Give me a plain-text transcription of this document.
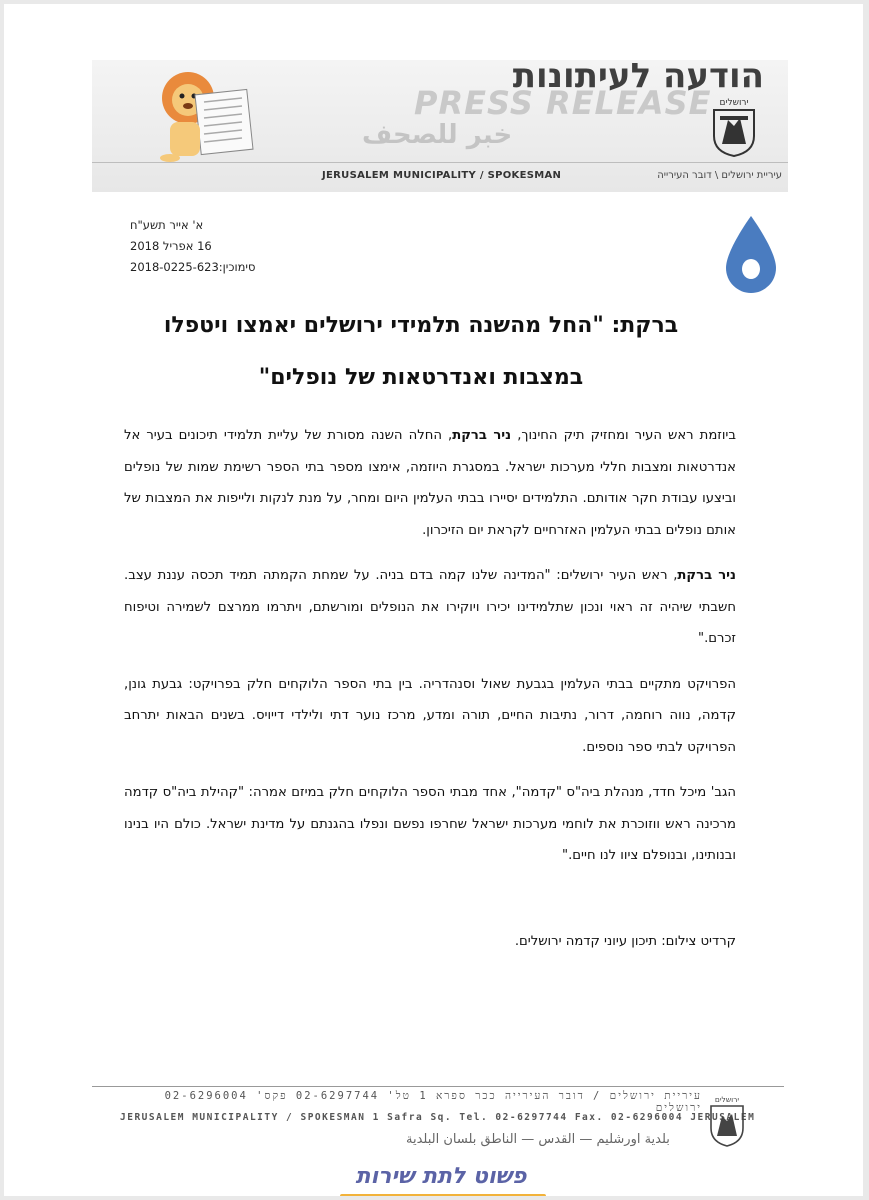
הודעה לעיתונות
PRESS RELEASE
خبر للصحف
ירושלים
JERUSALEM MUNICIPALITY / SPOKESMAN	עיריית ירושלים \ דובר העירייה
א' אייר תשע"ח
16 אפריל 2018
סימוכין:2018-0225-623
ברקת: "החל מהשנה תלמידי ירושלים יאמצו ויטפלו
במצבות ואנדרטאות של נופלים"

ביוזמת ראש העיר ומחזיק תיק החינוך, ניר ברקת, החלה השנה מסורת של עליית תלמידי תיכונים בעיר אל אנדרטאות ומצבות חללי מערכות ישראל. במסגרת היוזמה, אימצו מספר בתי הספר רשימת שמות של נופלים וביצעו עבודת חקר אודותם. התלמידים יסיירו בבתי העלמין היום ומחר, על מנת לנקות ולייפות את המצבות של אותם נופלים בבתי העלמין האזרחיים לקראת יום הזיכרון.

ניר ברקת, ראש העיר ירושלים: "המדינה שלנו קמה בדם בניה. על שמחת הקמתה תמיד תכסה עננת עצב. חשבתי שיהיה זה ראוי ונכון שתלמידינו יכירו ויוקירו את הנופלים ומורשתם, ויתרמו ממרצם לשמירה וטיפוח זכרם."

הפרויקט מתקיים בבתי העלמין בגבעת שאול וסנהדריה. בין בתי הספר הלוקחים חלק בפרויקט: גבעת גונן, קדמה, נווה רוחמה, דרור, נתיבות החיים, תורה ומדע, מרכז נוער דתי ולילדי דייויס. בשנים הבאות יתרחב הפרויקט לבתי ספר נוספים.

הגב' מיכל חדד, מנהלת ביה"ס "קדמה", אחד מבתי הספר הלוקחים חלק במיזם אמרה: "קהילת ביה"ס קדמה מרכינה ראש ווזוכרת את לוחמי מערכות ישראל שחרפו נפשם ונפלו בהגנתם על מדינת ישראל. כולם היו בנינו ובנותינו, ובנופלם ציוו לנו חיים."

קרדיט צילום: תיכון עיוני קדמה ירושלים.
עיריית ירושלים / דובר העירייה ככר ספרא 1 טל' 02-6297744 פקס' 02-6296004 ירושלים
JERUSALEM MUNICIPALITY / SPOKESMAN 1 Safra Sq. Tel. 02-6297744 Fax. 02-6296004 JERUSALEM
بلدية اورشليم — القدس — الناطق بلسان البلدية
ירושלים
פשוט לתת שירות
